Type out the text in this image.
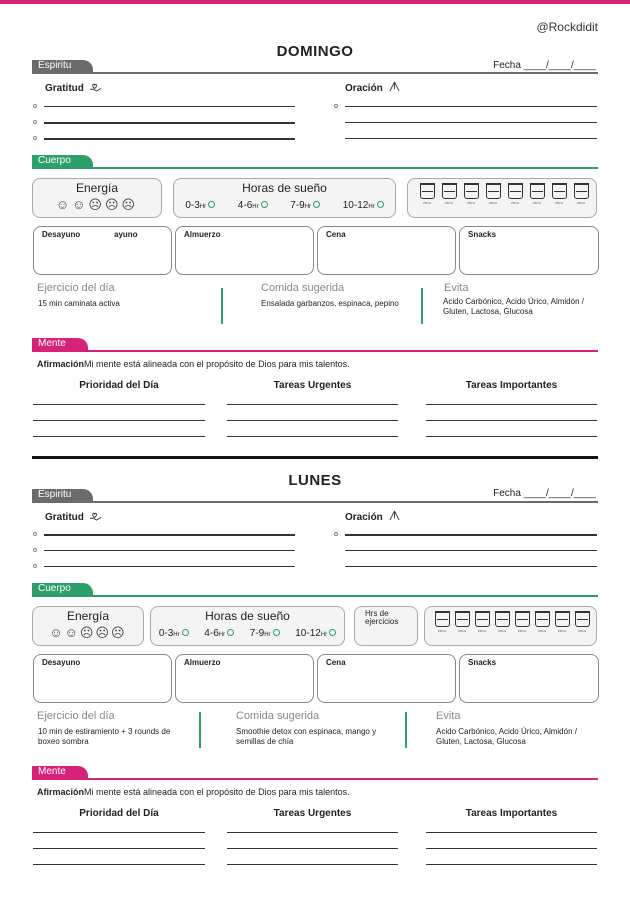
@Rockdidit
DOMINGO
Espiritu	Fecha ____/____/____
Gratitud	Oración
Cuerpo
Energía
☺☺☹☹☹
Horas de sueño
0-3Hr	4-6Hr	7-9Hr	10-12Hr
250ml	250ml	250ml	250ml	250ml	250ml	250ml	250ml
Desayuno	ayuno	Almuerzo	Cena	Snacks
Ejercicio del día
15 min caminata activa
Comida sugerida
Ensalada garbanzos, espinaca, pepino
Evita
Acido Carbónico, Acido Úrico, Almidón / Gluten, Lactosa, Glucosa
Mente
AfirmaciónMi mente está alineada con el propósito de Dios para mis talentos.
Prioridad del Día	Tareas Urgentes	Tareas Importantes
LUNES
Espiritu	Fecha ____/____/____
Gratitud	Oración
Cuerpo
Energía
☺☺☹☹☹
Horas de sueño
0-3Hr	4-6Hr	7-9Hr	10-12Hr
Hrs de ejercicios
250ml	250ml	250ml	250ml	250ml	250ml	250ml	250ml
Desayuno	Almuerzo	Cena	Snacks
Ejercicio del día
10 min de estiramiento + 3 rounds de boxeo sombra
Comida sugerida
Smoothie detox con espinaca, mango y semillas de chía
Evita
Acido Carbónico, Acido Úrico, Almidón / Gluten, Lactosa, Glucosa
Mente
AfirmaciónMi mente está alineada con el propósito de Dios para mis talentos.
Prioridad del Día	Tareas Urgentes	Tareas Importantes
